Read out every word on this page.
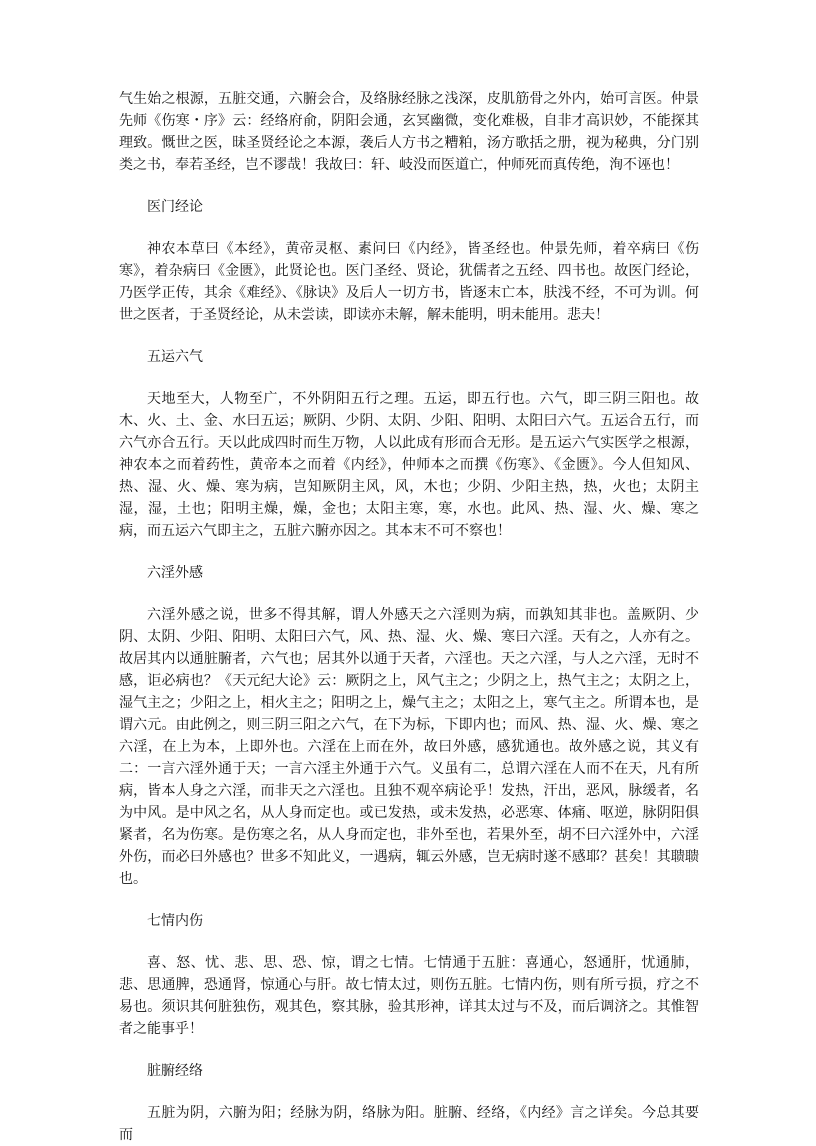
气生始之根源，五脏交通，六腑会合，及络脉经脉之浅深，皮肌筋骨之外内，始可言医。仲景先师《伤寒・序》云：经络府俞，阴阳会通，玄冥幽微，变化难极，自非才高识妙，不能探其理致。慨世之医，昧圣贤经论之本源，袭后人方书之糟粕，汤方歌括之册，视为秘典，分门别类之书，奉若圣经，岂不谬哉！我故曰：轩、岐没而医道亡，仲师死而真传绝，洵不诬也！

医门经论

神农本草曰《本经》，黄帝灵枢、素问曰《内经》，皆圣经也。仲景先师，着卒病曰《伤寒》，着杂病曰《金匮》，此贤论也。医门圣经、贤论，犹儒者之五经、四书也。故医门经论，乃医学正传，其余《难经》、《脉诀》及后人一切方书，皆逐末亡本，肤浅不经，不可为训。何世之医者，于圣贤经论，从未尝读，即读亦未解，解未能明，明未能用。悲夫！

五运六气

天地至大，人物至广，不外阴阳五行之理。五运，即五行也。六气，即三阴三阳也。故木、火、土、金、水曰五运；厥阴、少阴、太阴、少阳、阳明、太阳曰六气。五运合五行，而六气亦合五行。天以此成四时而生万物，人以此成有形而合无形。是五运六气实医学之根源，神农本之而着药性，黄帝本之而着《内经》，仲师本之而撰《伤寒》、《金匮》。今人但知风、热、湿、火、燥、寒为病，岂知厥阴主风，风，木也；少阴、少阳主热，热，火也；太阴主湿，湿，土也；阳明主燥，燥，金也；太阳主寒，寒，水也。此风、热、湿、火、燥、寒之病，而五运六气即主之，五脏六腑亦因之。其本末不可不察也！

六淫外感

六淫外感之说，世多不得其解，谓人外感天之六淫则为病，而孰知其非也。盖厥阴、少阴、太阴、少阳、阳明、太阳曰六气，风、热、湿、火、燥、寒曰六淫。天有之，人亦有之。故居其内以通脏腑者，六气也；居其外以通于天者，六淫也。天之六淫，与人之六淫，无时不感，讵必病也？《天元纪大论》云：厥阴之上，风气主之；少阴之上，热气主之；太阴之上，湿气主之；少阳之上，相火主之；阳明之上，燥气主之；太阳之上，寒气主之。所谓本也，是谓六元。由此例之，则三阴三阳之六气，在下为标，下即内也；而风、热、湿、火、燥、寒之六淫，在上为本，上即外也。六淫在上而在外，故曰外感，感犹通也。故外感之说，其义有二：一言六淫外通于天；一言六淫主外通于六气。义虽有二，总谓六淫在人而不在天，凡有所病，皆本人身之六淫，而非天之六淫也。且独不观卒病论乎！发热，汗出，恶风，脉缓者，名为中风。是中风之名，从人身而定也。或已发热，或未发热，必恶寒、体痛、呕逆，脉阴阳俱紧者，名为伤寒。是伤寒之名，从人身而定也，非外至也，若果外至，胡不曰六淫外中，六淫外伤，而必曰外感也？世多不知此义，一遇病，辄云外感，岂无病时遂不感耶？甚矣！其聩聩也。

七情内伤

喜、怒、忧、悲、思、恐、惊，谓之七情。七情通于五脏：喜通心，怒通肝，忧通肺，悲、思通脾，恐通肾，惊通心与肝。故七情太过，则伤五脏。七情内伤，则有所亏损，疗之不易也。须识其何脏独伤，观其色，察其脉，验其形神，详其太过与不及，而后调济之。其惟智者之能事乎！

脏腑经络

五脏为阴，六腑为阳；经脉为阴，络脉为阳。脏腑、经络，《内经》言之详矣。今总其要而
